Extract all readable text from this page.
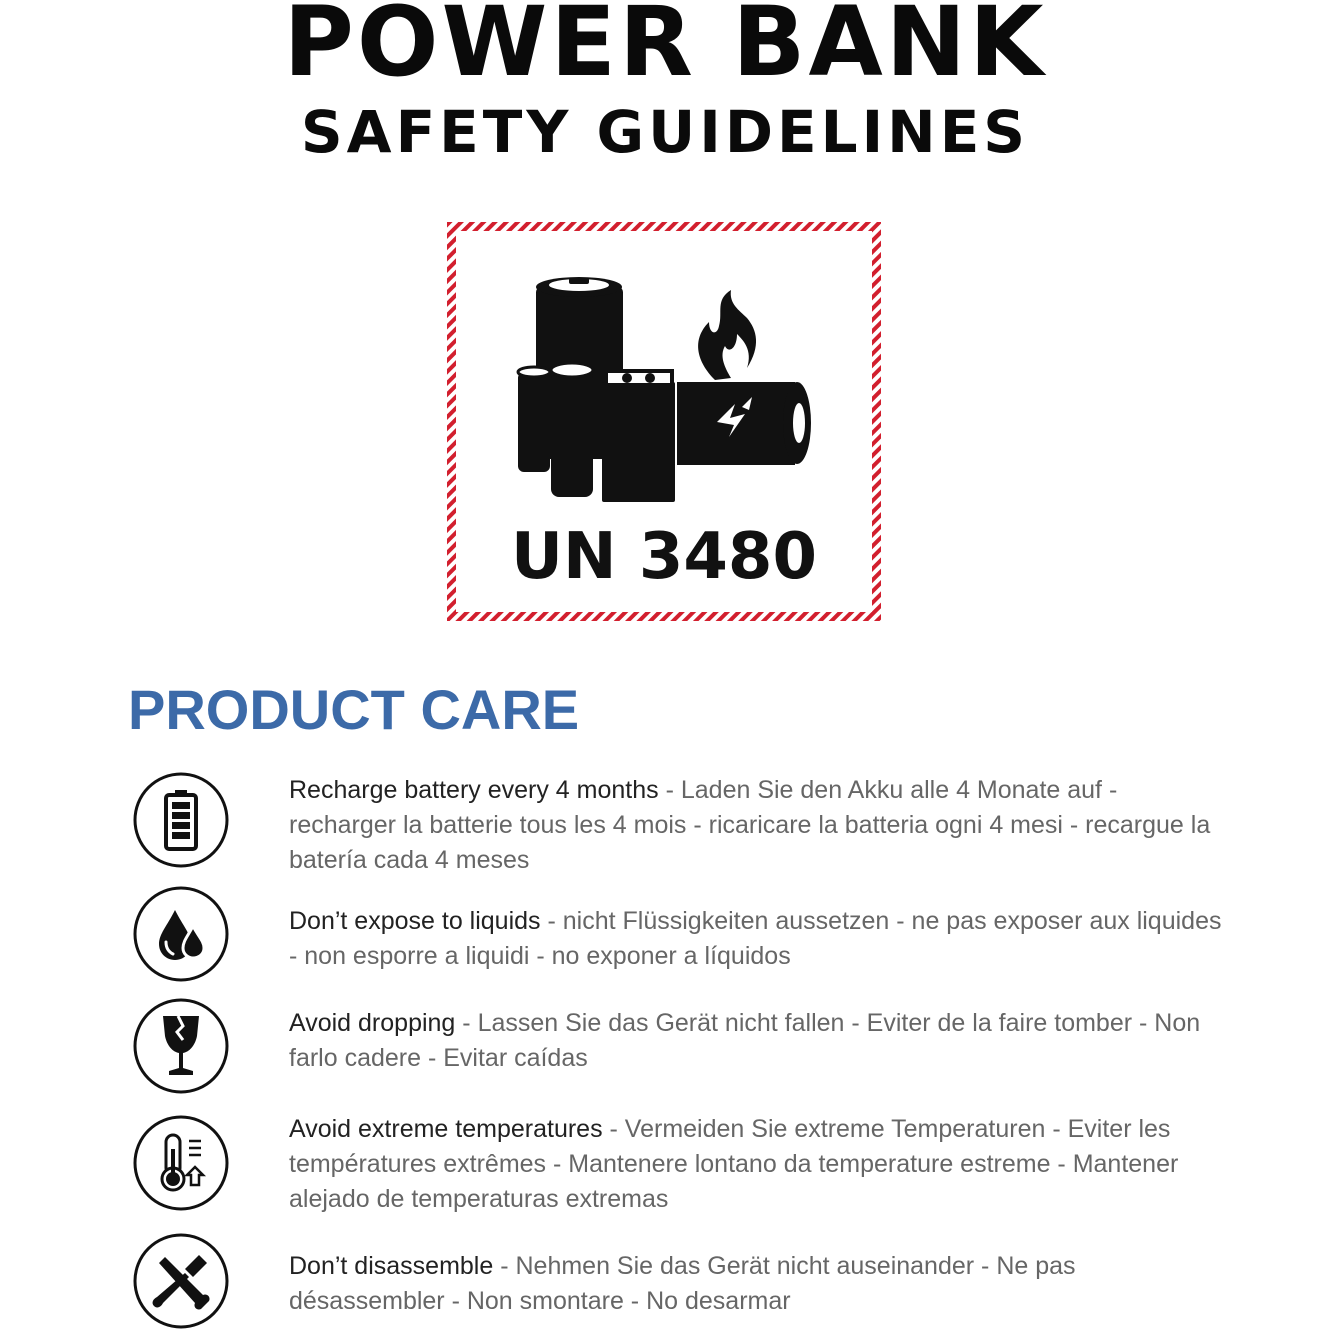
POWER BANK
SAFETY GUIDELINES
UN 3480
PRODUCT CARE
Recharge battery every 4 months - Laden Sie den Akku alle 4 Monate auf - recharger la batterie tous les 4 mois - ricaricare la batteria ogni 4 mesi - recargue la batería cada 4 meses
Don’t expose to liquids - nicht Flüssigkeiten aussetzen - ne pas exposer aux liquides - non esporre a liquidi - no exponer a líquidos
Avoid dropping - Lassen Sie das Gerät nicht fallen - Eviter de la faire tomber - Non farlo cadere - Evitar caídas
Avoid extreme temperatures - Vermeiden Sie extreme Temperaturen - Eviter les températures extrêmes - Mantenere lontano da temperature estreme - Mantener alejado de temperaturas extremas
Don’t disassemble - Nehmen Sie das Gerät nicht auseinander - Ne pas désassembler - Non smontare - No desarmar
